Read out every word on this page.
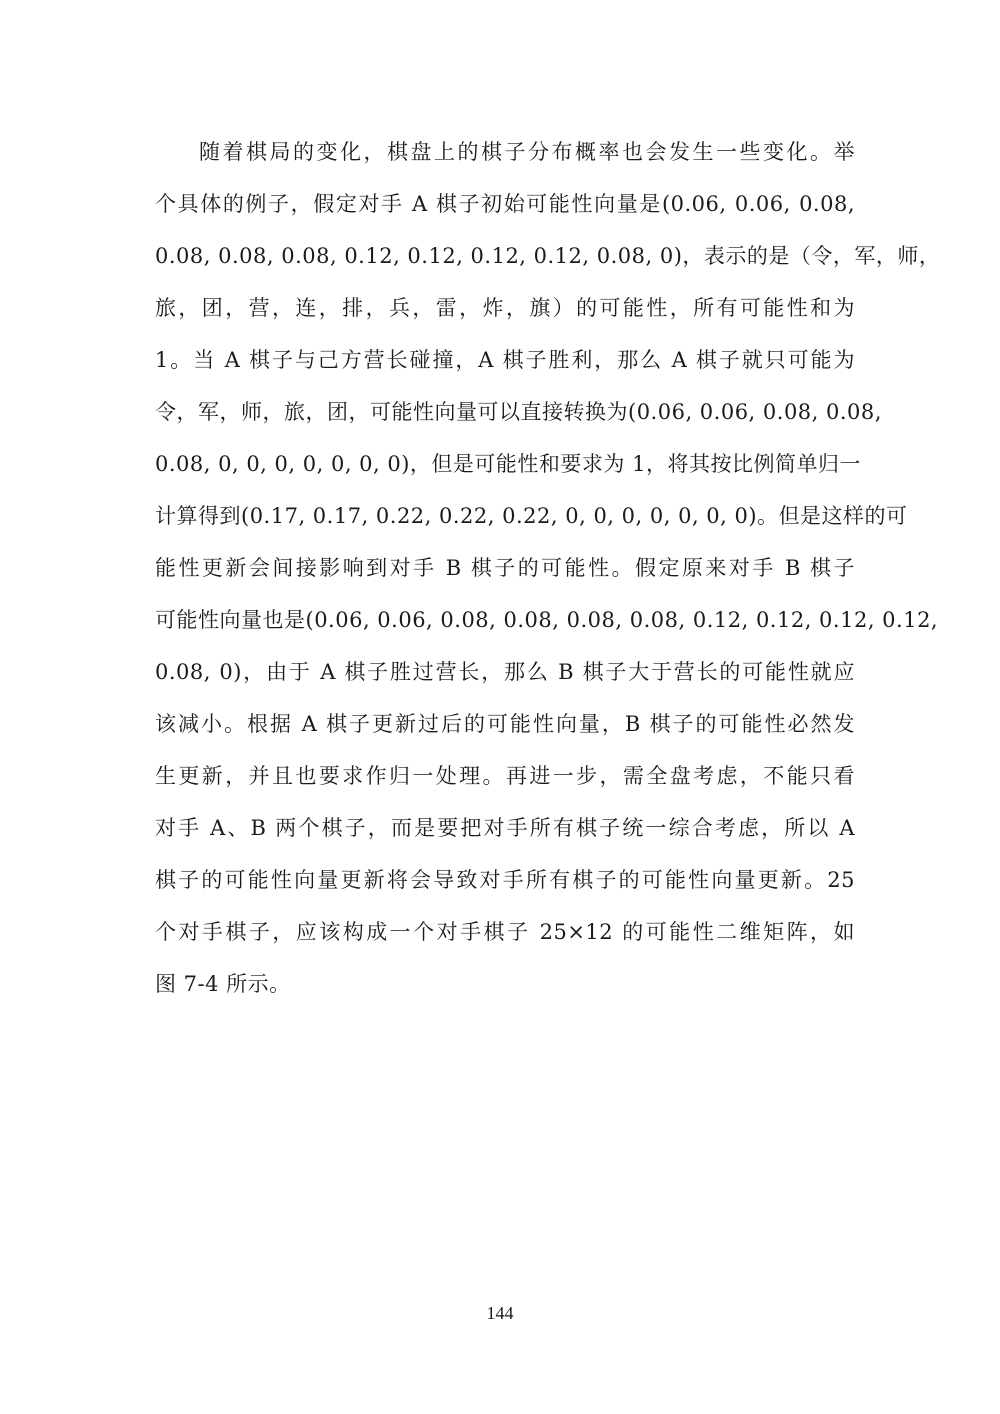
随着棋局的变化，棋盘上的棋子分布概率也会发生一些变化。举
个具体的例子，假定对手 A 棋子初始可能性向量是(0.06, 0.06, 0.08,
0.08, 0.08, 0.08, 0.12, 0.12, 0.12, 0.12, 0.08, 0)，表示的是（令，军，师，
旅，团，营，连，排，兵，雷，炸，旗）的可能性，所有可能性和为
1。当 A 棋子与己方营长碰撞，A 棋子胜利，那么 A 棋子就只可能为
令，军，师，旅，团，可能性向量可以直接转换为(0.06, 0.06, 0.08, 0.08,
0.08, 0, 0, 0, 0, 0, 0, 0)，但是可能性和要求为 1，将其按比例简单归一
计算得到(0.17, 0.17, 0.22, 0.22, 0.22, 0, 0, 0, 0, 0, 0, 0)。但是这样的可
能性更新会间接影响到对手 B 棋子的可能性。假定原来对手 B 棋子
可能性向量也是(0.06, 0.06, 0.08, 0.08, 0.08, 0.08, 0.12, 0.12, 0.12, 0.12,
0.08, 0)，由于 A 棋子胜过营长，那么 B 棋子大于营长的可能性就应
该减小。根据 A 棋子更新过后的可能性向量，B 棋子的可能性必然发
生更新，并且也要求作归一处理。再进一步，需全盘考虑，不能只看
对手 A、B 两个棋子，而是要把对手所有棋子统一综合考虑，所以 A
棋子的可能性向量更新将会导致对手所有棋子的可能性向量更新。25
个对手棋子，应该构成一个对手棋子 25×12 的可能性二维矩阵，如
图 7-4 所示。
144
